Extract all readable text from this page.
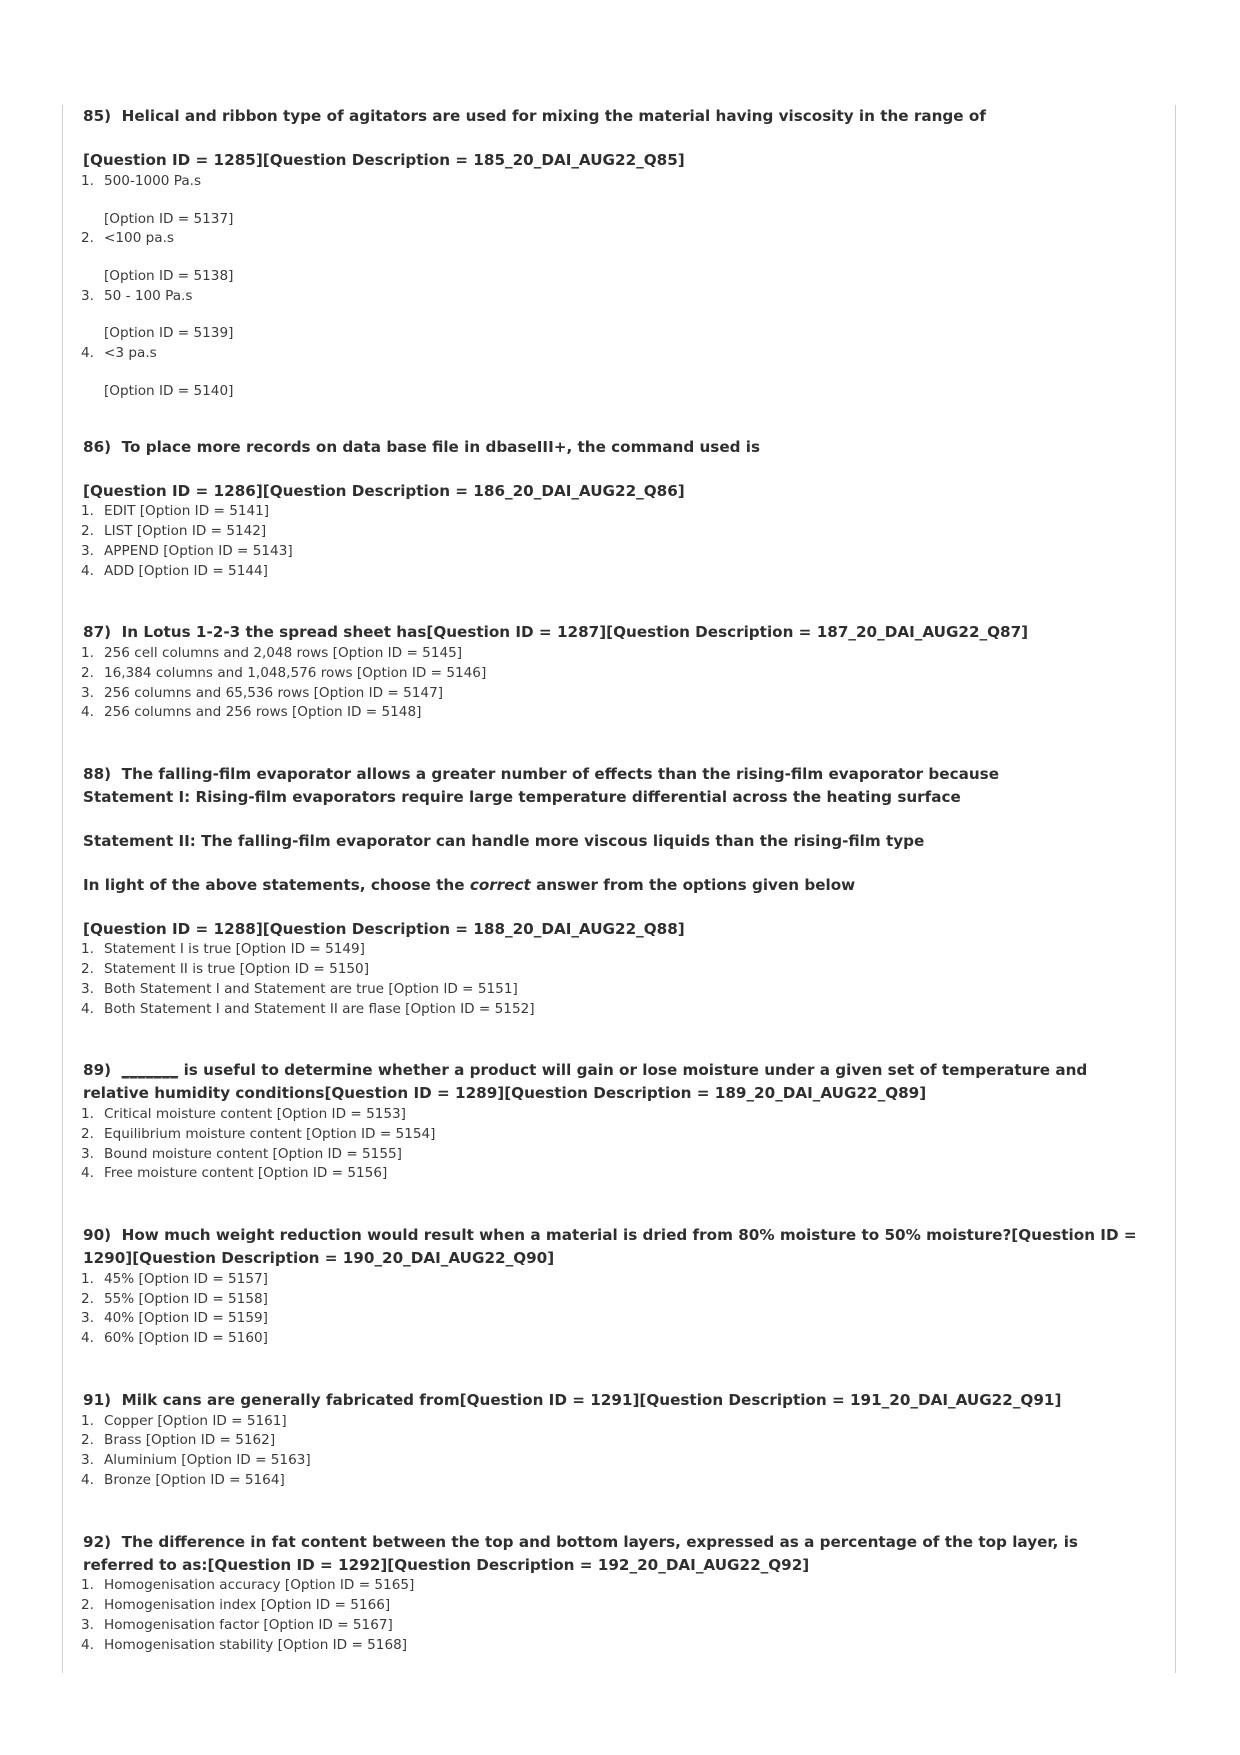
85) Helical and ribbon type of agitators are used for mixing the material having viscosity in the range of

[Question ID = 1285][Question Description = 185_20_DAI_AUG22_Q85]

1. 500-1000 Pa.s

[Option ID = 5137]

2. <100 pa.s

[Option ID = 5138]

3. 50 - 100 Pa.s

[Option ID = 5139]

4. <3 pa.s

[Option ID = 5140]

86) To place more records on data base file in dbaseIII+, the command used is

[Question ID = 1286][Question Description = 186_20_DAI_AUG22_Q86]

1. EDIT [Option ID = 5141]
2. LIST [Option ID = 5142]
3. APPEND [Option ID = 5143]
4. ADD [Option ID = 5144]

87) In Lotus 1-2-3 the spread sheet has[Question ID = 1287][Question Description = 187_20_DAI_AUG22_Q87]

1. 256 cell columns and 2,048 rows [Option ID = 5145]
2. 16,384 columns and 1,048,576 rows [Option ID = 5146]
3. 256 columns and 65,536 rows [Option ID = 5147]
4. 256 columns and 256 rows [Option ID = 5148]

88) The falling-film evaporator allows a greater number of effects than the rising-film evaporator because

Statement I: Rising-film evaporators require large temperature differential across the heating surface

Statement II: The falling-film evaporator can handle more viscous liquids than the rising-film type

In light of the above statements, choose the correct answer from the options given below

[Question ID = 1288][Question Description = 188_20_DAI_AUG22_Q88]

1. Statement I is true [Option ID = 5149]
2. Statement II is true [Option ID = 5150]
3. Both Statement I and Statement are true [Option ID = 5151]
4. Both Statement I and Statement II are flase [Option ID = 5152]

89) _______ is useful to determine whether a product will gain or lose moisture under a given set of temperature and

relative humidity conditions[Question ID = 1289][Question Description = 189_20_DAI_AUG22_Q89]

1. Critical moisture content [Option ID = 5153]
2. Equilibrium moisture content [Option ID = 5154]
3. Bound moisture content [Option ID = 5155]
4. Free moisture content [Option ID = 5156]

90) How much weight reduction would result when a material is dried from 80% moisture to 50% moisture?[Question ID =

1290][Question Description = 190_20_DAI_AUG22_Q90]

1. 45% [Option ID = 5157]
2. 55% [Option ID = 5158]
3. 40% [Option ID = 5159]
4. 60% [Option ID = 5160]

91) Milk cans are generally fabricated from[Question ID = 1291][Question Description = 191_20_DAI_AUG22_Q91]

1. Copper [Option ID = 5161]
2. Brass [Option ID = 5162]
3. Aluminium [Option ID = 5163]
4. Bronze [Option ID = 5164]

92) The difference in fat content between the top and bottom layers, expressed as a percentage of the top layer, is

referred to as:[Question ID = 1292][Question Description = 192_20_DAI_AUG22_Q92]

1. Homogenisation accuracy [Option ID = 5165]
2. Homogenisation index [Option ID = 5166]
3. Homogenisation factor [Option ID = 5167]
4. Homogenisation stability [Option ID = 5168]
